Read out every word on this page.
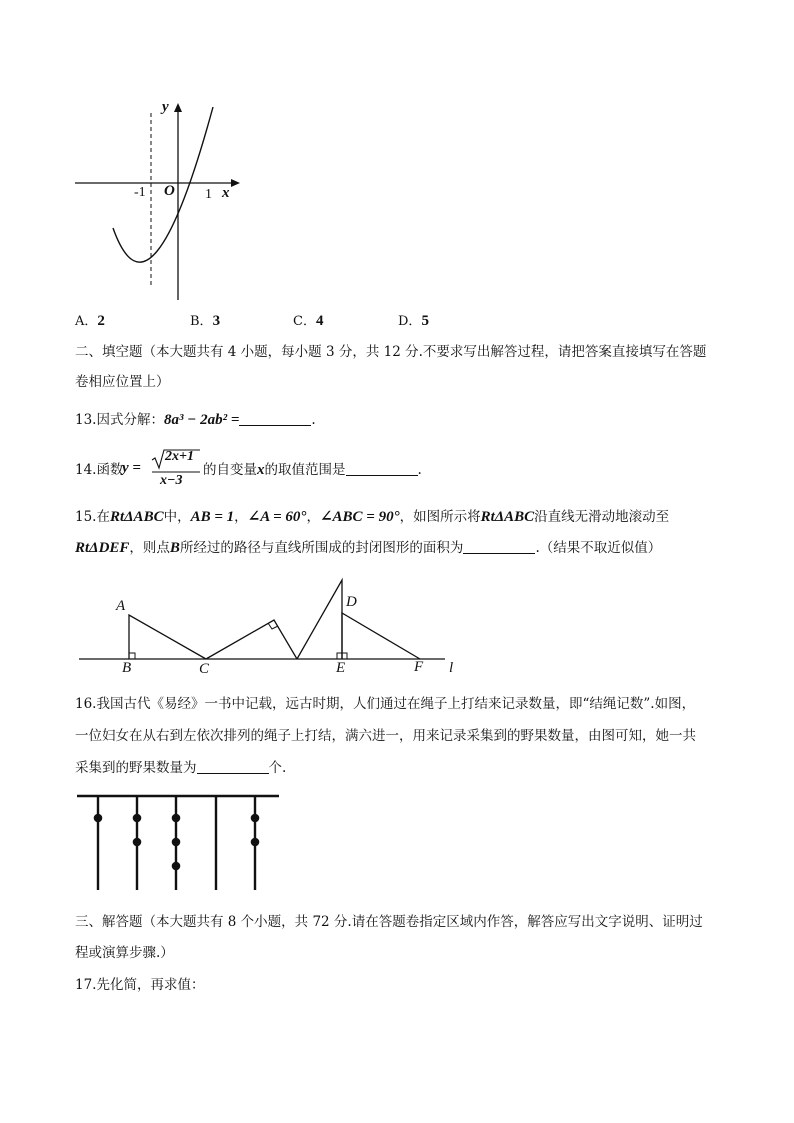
y
x
O
-1	1
A．2	B．3	C．4	D．5
二、填空题（本大题共有 4 小题，每小题 3 分，共 12 分.不要求写出解答过程，请把答案直接填写在答题
卷相应位置上）
13.因式分解：8a³ − 2ab² =	.
14.函数
y =
2x+1
x−3
的自变量x的取值范围是	.
15.在RtΔABC中，AB = 1，∠A = 60°，∠ABC = 90°，如图所示将RtΔABC沿直线无滑动地滚动至
RtΔDEF，则点B所经过的路径与直线所围成的封闭图形的面积为	.（结果不取近似值）
A
B	C
D
E	F l
16.我国古代《易经》一书中记载，远古时期，人们通过在绳子上打结来记录数量，即“结绳记数”.如图，
一位妇女在从右到左依次排列的绳子上打结，满六进一，用来记录采集到的野果数量，由图可知，她一共
采集到的野果数量为	个.
三、解答题（本大题共有 8 个小题，共 72 分.请在答题卷指定区域内作答，解答应写出文字说明、证明过
程或演算步骤.）
17.先化简，再求值：
